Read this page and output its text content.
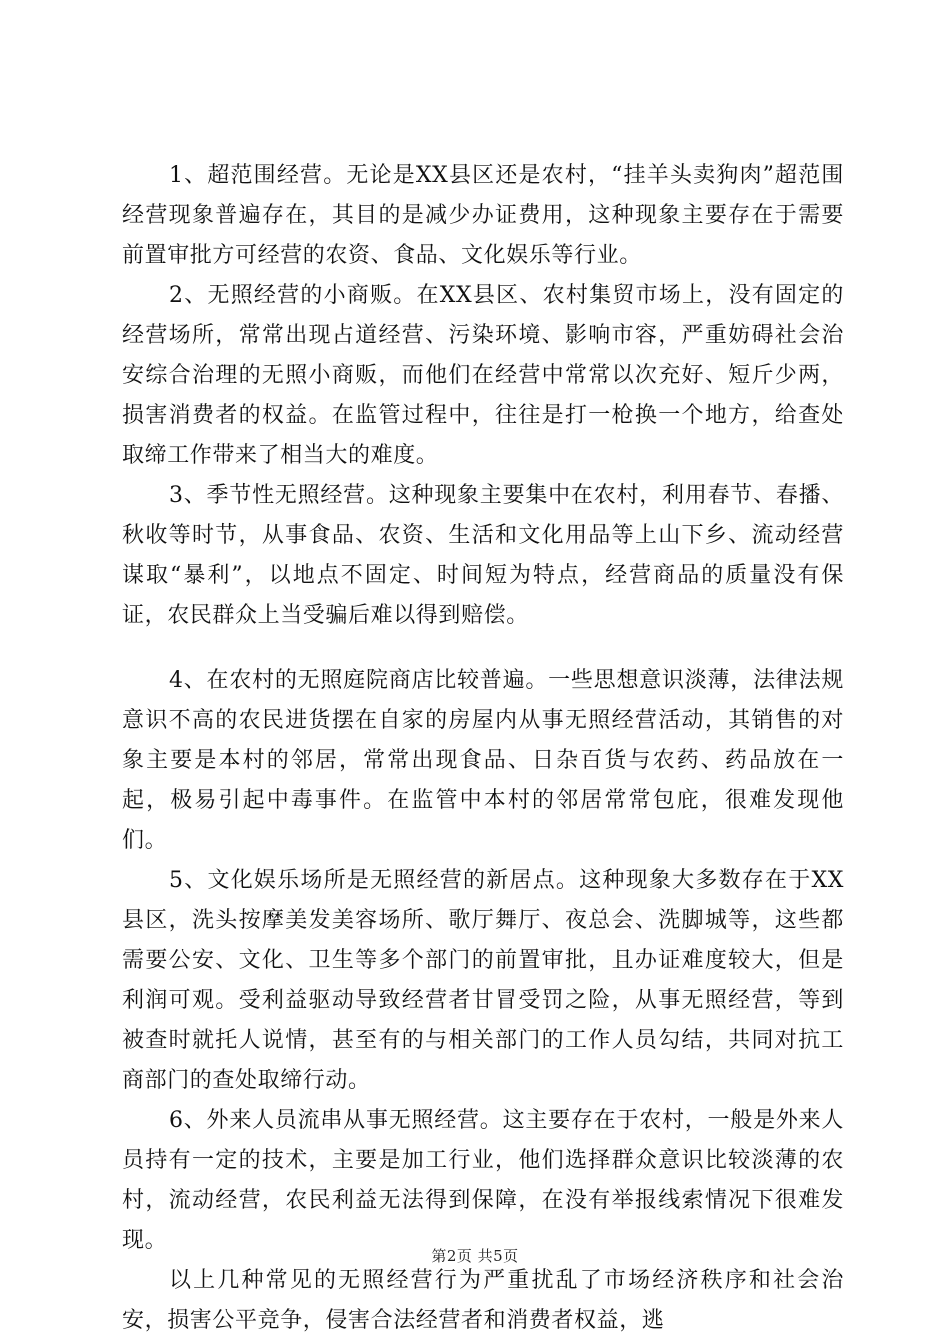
1、超范围经营。无论是XX县区还是农村，“挂羊头卖狗肉”超范围经营现象普遍存在，其目的是减少办证费用，这种现象主要存在于需要前置审批方可经营的农资、食品、文化娱乐等行业。

2、无照经营的小商贩。在XX县区、农村集贸市场上，没有固定的经营场所，常常出现占道经营、污染环境、影响市容，严重妨碍社会治安综合治理的无照小商贩，而他们在经营中常常以次充好、短斤少两，损害消费者的权益。在监管过程中，往往是打一枪换一个地方，给查处取缔工作带来了相当大的难度。

3、季节性无照经营。这种现象主要集中在农村，利用春节、春播、秋收等时节，从事食品、农资、生活和文化用品等上山下乡、流动经营谋取“暴利”，以地点不固定、时间短为特点，经营商品的质量没有保证，农民群众上当受骗后难以得到赔偿。

4、在农村的无照庭院商店比较普遍。一些思想意识淡薄，法律法规意识不高的农民进货摆在自家的房屋内从事无照经营活动，其销售的对象主要是本村的邻居，常常出现食品、日杂百货与农药、药品放在一起，极易引起中毒事件。在监管中本村的邻居常常包庇，很难发现他们。

5、文化娱乐场所是无照经营的新居点。这种现象大多数存在于XX县区，洗头按摩美发美容场所、歌厅舞厅、夜总会、洗脚城等，这些都需要公安、文化、卫生等多个部门的前置审批，且办证难度较大，但是利润可观。受利益驱动导致经营者甘冒受罚之险，从事无照经营，等到被查时就托人说情，甚至有的与相关部门的工作人员勾结，共同对抗工商部门的查处取缔行动。

6、外来人员流串从事无照经营。这主要存在于农村，一般是外来人员持有一定的技术，主要是加工行业，他们选择群众意识比较淡薄的农村，流动经营，农民利益无法得到保障，在没有举报线索情况下很难发现。

以上几种常见的无照经营行为严重扰乱了市场经济秩序和社会治安，损害公平竞争，侵害合法经营者和消费者权益，逃

第2页 共5页
